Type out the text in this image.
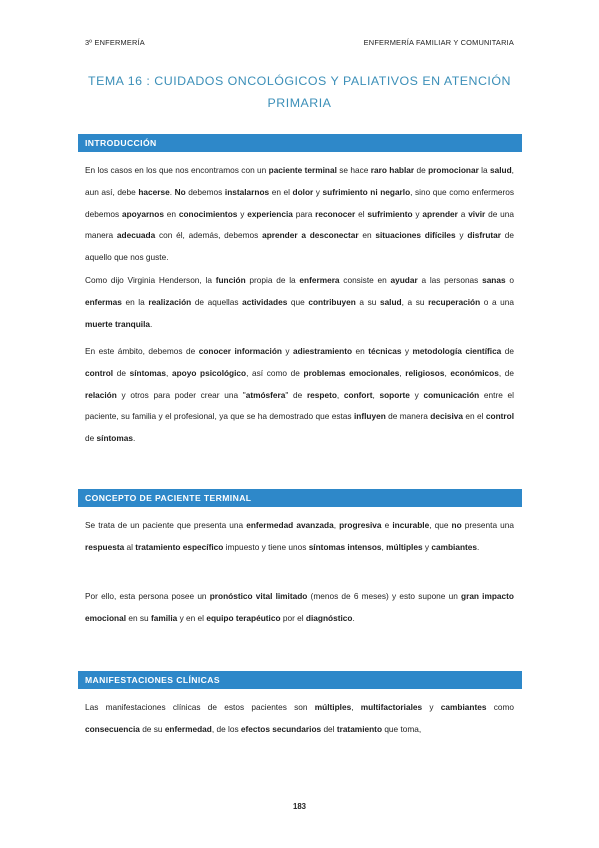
3º ENFERMERÍA	ENFERMERÍA FAMILIAR Y COMUNITARIA
TEMA 16 : CUIDADOS ONCOLÓGICOS Y PALIATIVOS EN ATENCIÓN PRIMARIA
INTRODUCCIÓN

En los casos en los que nos encontramos con un paciente terminal se hace raro hablar de promocionar la salud, aun así, debe hacerse. No debemos instalarnos en el dolor y sufrimiento ni negarlo, sino que como enfermeros debemos apoyarnos en conocimientos y experiencia para reconocer el sufrimiento y aprender a vivir de una manera adecuada con él, además, debemos aprender a desconectar en situaciones difíciles y disfrutar de aquello que nos guste.

Como dijo Virginia Henderson, la función propia de la enfermera consiste en ayudar a las personas sanas o enfermas en la realización de aquellas actividades que contribuyen a su salud, a su recuperación o a una muerte tranquila.

En este ámbito, debemos de conocer información y adiestramiento en técnicas y metodología científica de control de síntomas, apoyo psicológico, así como de problemas emocionales, religiosos, económicos, de relación y otros para poder crear una "atmósfera" de respeto, confort, soporte y comunicación entre el paciente, su familia y el profesional, ya que se ha demostrado que estas influyen de manera decisiva en el control de síntomas.

CONCEPTO DE PACIENTE TERMINAL

Se trata de un paciente que presenta una enfermedad avanzada, progresiva e incurable, que no presenta una respuesta al tratamiento específico impuesto y tiene unos síntomas intensos, múltiples y cambiantes.

Por ello, esta persona posee un pronóstico vital limitado (menos de 6 meses) y esto supone un gran impacto emocional en su familia y en el equipo terapéutico por el diagnóstico.

MANIFESTACIONES CLÍNICAS

Las manifestaciones clínicas de estos pacientes son múltiples, multifactoriales y cambiantes como consecuencia de su enfermedad, de los efectos secundarios del tratamiento que toma,

183
